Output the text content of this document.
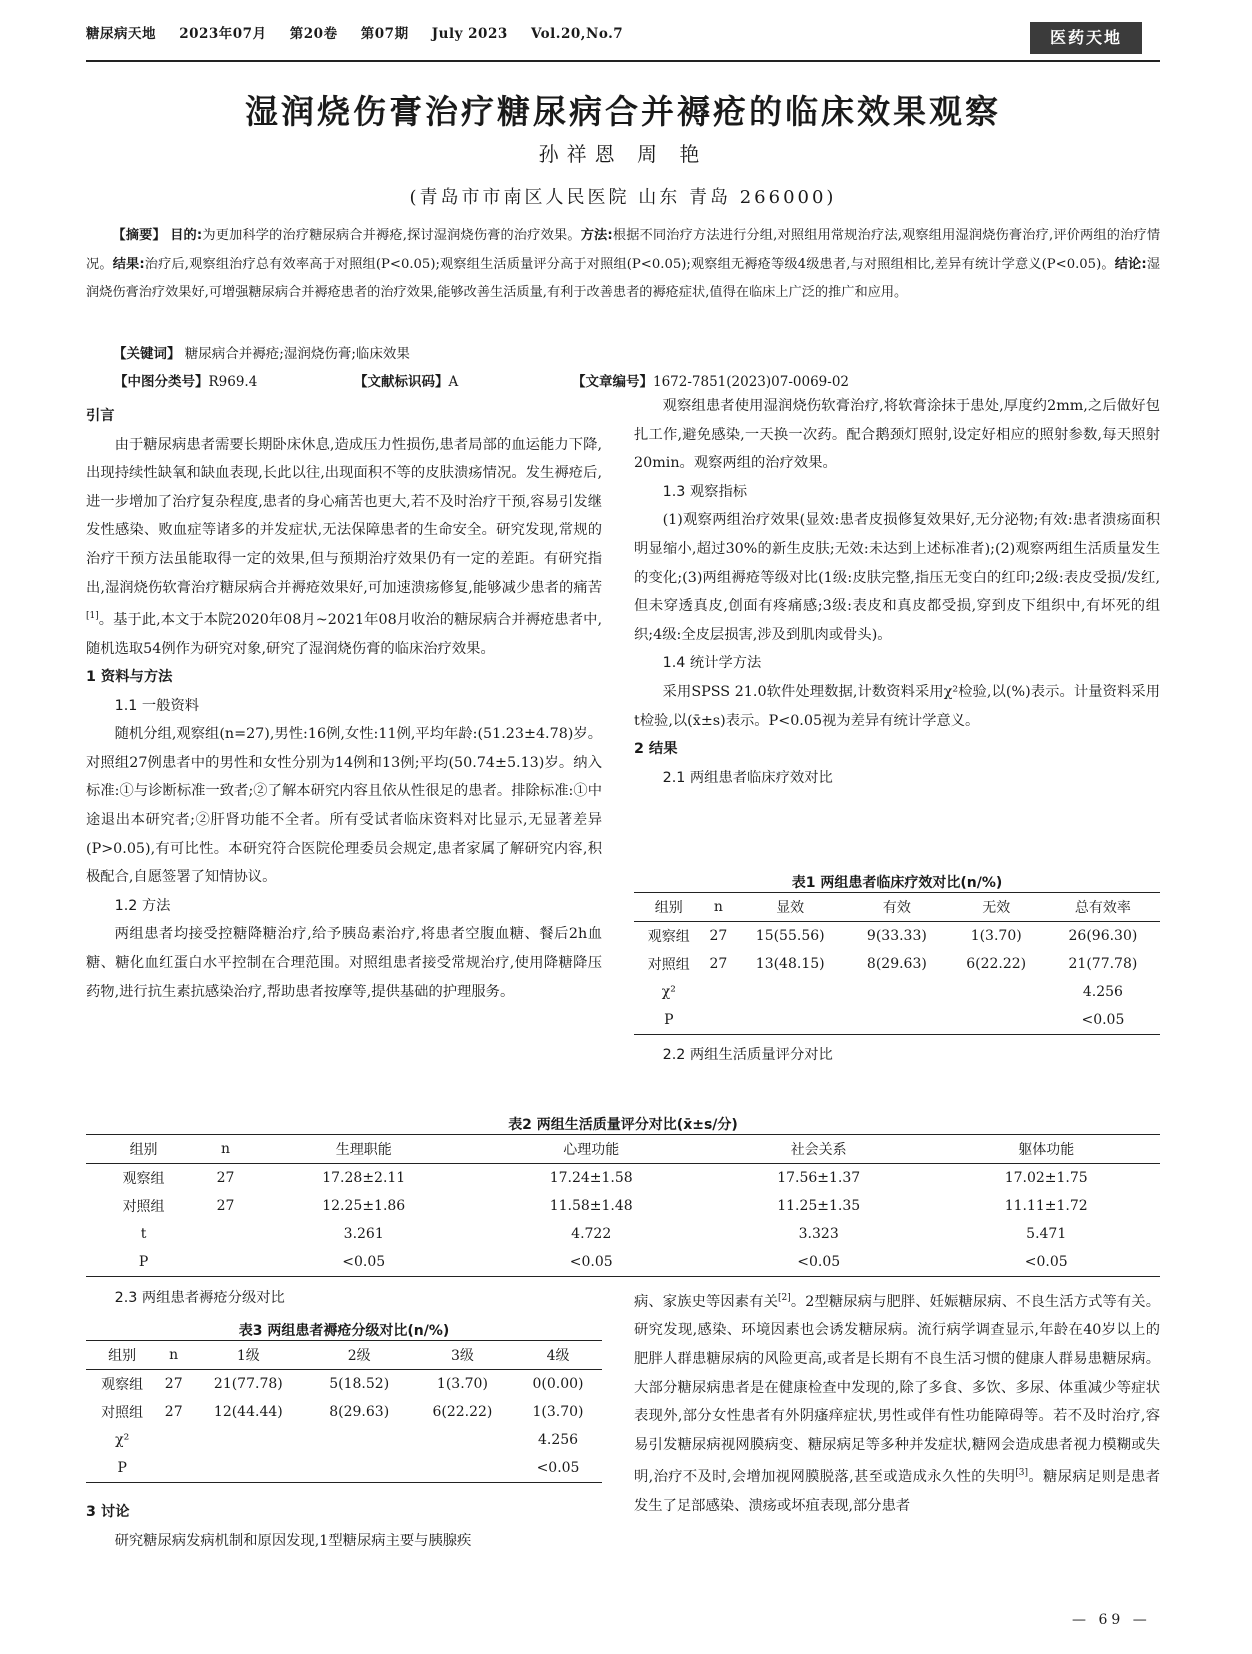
糖尿病天地 2023年07月 第20卷 第07期 July 2023 Vol.20,No.7	医药天地
湿润烧伤膏治疗糖尿病合并褥疮的临床效果观察
孙祥恩 周 艳
(青岛市市南区人民医院 山东 青岛 266000)

【摘要】 目的:为更加科学的治疗糖尿病合并褥疮,探讨湿润烧伤膏的治疗效果。方法:根据不同治疗方法进行分组,对照组用常规治疗法,观察组用湿润烧伤膏治疗,评价两组的治疗情况。结果:治疗后,观察组治疗总有效率高于对照组(P<0.05);观察组生活质量评分高于对照组(P<0.05);观察组无褥疮等级4级患者,与对照组相比,差异有统计学意义(P<0.05)。结论:湿润烧伤膏治疗效果好,可增强糖尿病合并褥疮患者的治疗效果,能够改善生活质量,有利于改善患者的褥疮症状,值得在临床上广泛的推广和应用。

【关键词】 糖尿病合并褥疮;湿润烧伤膏;临床效果
【中图分类号】R969.4	【文献标识码】A	【文章编号】1672-7851(2023)07-0069-02

引言

由于糖尿病患者需要长期卧床休息,造成压力性损伤,患者局部的血运能力下降,出现持续性缺氧和缺血表现,长此以往,出现面积不等的皮肤溃疡情况。发生褥疮后,进一步增加了治疗复杂程度,患者的身心痛苦也更大,若不及时治疗干预,容易引发继发性感染、败血症等诸多的并发症状,无法保障患者的生命安全。研究发现,常规的治疗干预方法虽能取得一定的效果,但与预期治疗效果仍有一定的差距。有研究指出,湿润烧伤软膏治疗糖尿病合并褥疮效果好,可加速溃疡修复,能够减少患者的痛苦[1]。基于此,本文于本院2020年08月~2021年08月收治的糖尿病合并褥疮患者中,随机选取54例作为研究对象,研究了湿润烧伤膏的临床治疗效果。

1 资料与方法

1.1 一般资料

随机分组,观察组(n=27),男性:16例,女性:11例,平均年龄:(51.23±4.78)岁。对照组27例患者中的男性和女性分别为14例和13例;平均(50.74±5.13)岁。纳入标准:①与诊断标准一致者;②了解本研究内容且依从性很足的患者。排除标准:①中途退出本研究者;②肝肾功能不全者。所有受试者临床资料对比显示,无显著差异(P>0.05),有可比性。本研究符合医院伦理委员会规定,患者家属了解研究内容,积极配合,自愿签署了知情协议。

1.2 方法

两组患者均接受控糖降糖治疗,给予胰岛素治疗,将患者空腹血糖、餐后2h血糖、糖化血红蛋白水平控制在合理范围。对照组患者接受常规治疗,使用降糖降压药物,进行抗生素抗感染治疗,帮助患者按摩等,提供基础的护理服务。

观察组患者使用湿润烧伤软膏治疗,将软膏涂抹于患处,厚度约2mm,之后做好包扎工作,避免感染,一天换一次药。配合鹅颈灯照射,设定好相应的照射参数,每天照射20min。观察两组的治疗效果。

1.3 观察指标

(1)观察两组治疗效果(显效:患者皮损修复效果好,无分泌物;有效:患者溃疡面积明显缩小,超过30%的新生皮肤;无效:未达到上述标准者);(2)观察两组生活质量发生的变化;(3)两组褥疮等级对比(1级:皮肤完整,指压无变白的红印;2级:表皮受损/发红,但未穿透真皮,创面有疼痛感;3级:表皮和真皮都受损,穿到皮下组织中,有坏死的组织;4级:全皮层损害,涉及到肌肉或骨头)。

1.4 统计学方法

采用SPSS 21.0软件处理数据,计数资料采用χ²检验,以(%)表示。计量资料采用t检验,以(x̄±s)表示。P<0.05视为差异有统计学意义。

2 结果

2.1 两组患者临床疗效对比

表1 两组患者临床疗效对比(n/%)
组别	n	显效	有效	无效	总有效率
观察组	27	15(55.56)	9(33.33)	1(3.70)	26(96.30)
对照组	27	13(48.15)	8(29.63)	6(22.22)	21(77.78)
χ²					4.256
P					<0.05

2.2 两组生活质量评分对比

表2 两组生活质量评分对比(x̄±s/分)
组别	n	生理职能	心理功能	社会关系	躯体功能
观察组	27	17.28±2.11	17.24±1.58	17.56±1.37	17.02±1.75
对照组	27	12.25±1.86	11.58±1.48	11.25±1.35	11.11±1.72
t		3.261	4.722	3.323	5.471
P		<0.05	<0.05	<0.05	<0.05

2.3 两组患者褥疮分级对比

表3 两组患者褥疮分级对比(n/%)
组别	n	1级	2级	3级	4级
观察组	27	21(77.78)	5(18.52)	1(3.70)	0(0.00)
对照组	27	12(44.44)	8(29.63)	6(22.22)	1(3.70)
χ²					4.256
P					<0.05

3 讨论

研究糖尿病发病机制和原因发现,1型糖尿病主要与胰腺疾

病、家族史等因素有关[2]。2型糖尿病与肥胖、妊娠糖尿病、不良生活方式等有关。研究发现,感染、环境因素也会诱发糖尿病。流行病学调查显示,年龄在40岁以上的肥胖人群患糖尿病的风险更高,或者是长期有不良生活习惯的健康人群易患糖尿病。大部分糖尿病患者是在健康检查中发现的,除了多食、多饮、多尿、体重减少等症状表现外,部分女性患者有外阴瘙痒症状,男性或伴有性功能障碍等。若不及时治疗,容易引发糖尿病视网膜病变、糖尿病足等多种并发症状,糖网会造成患者视力模糊或失明,治疗不及时,会增加视网膜脱落,甚至或造成永久性的失明[3]。糖尿病足则是患者发生了足部感染、溃疡或坏疽表现,部分患者

— 69 —
